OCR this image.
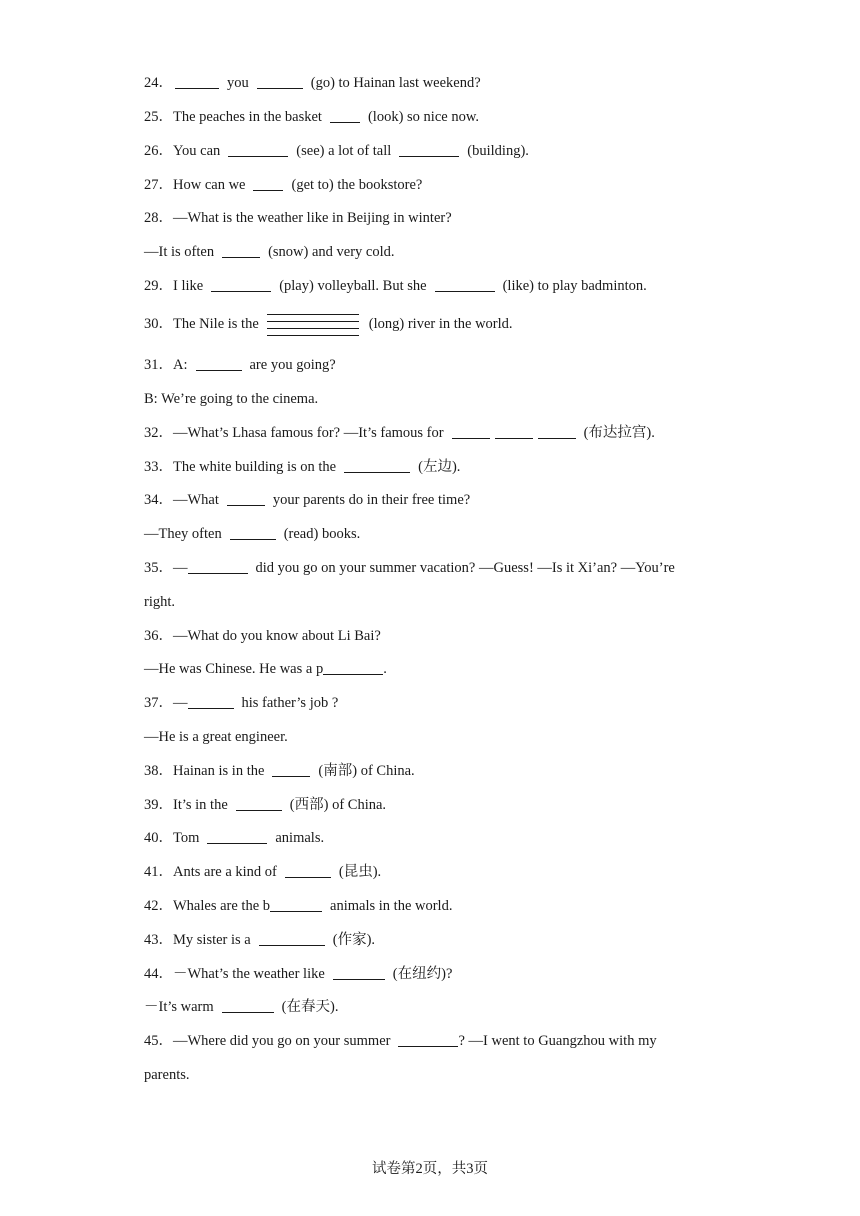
24．	you	(go) to Hainan last weekend?
25．The peaches in the basket	(look) so nice now.
26．You can	(see) a lot of tall	(building).
27．How can we	(get to) the bookstore?
28．—What is the weather like in Beijing in winter?
—It is often	(snow) and very cold.
29．I like	(play) volleyball. But she	(like) to play badminton.
30．The Nile is the	(long) river in the world.
31．A:	are you going?
B: We’re going to the cinema.
32．—What’s Lhasa famous for? —It’s famous for	(布达拉宫).
33．The white building is on the	(左边).
34．—What	your parents do in their free time?
—They often	(read) books.
35．—	did you go on your summer vacation? —Guess! —Is it Xi’an? —You’re
right.
36．—What do you know about Li Bai?
—He was Chinese. He was a p	.
37．—	his father’s job ?
—He is a great engineer.
38．Hainan is in the	(南部) of China.
39．It’s in the	(西部) of China.
40．Tom	animals.
41．Ants are a kind of	(昆虫).
42．Whales are the b	animals in the world.
43．My sister is a	(作家).
44．－What’s the weather like	(在纽约)?
－It’s warm	(在春天).
45．—Where did you go on your summer	? —I went to Guangzhou with my
parents.
试卷第2页，共3页
